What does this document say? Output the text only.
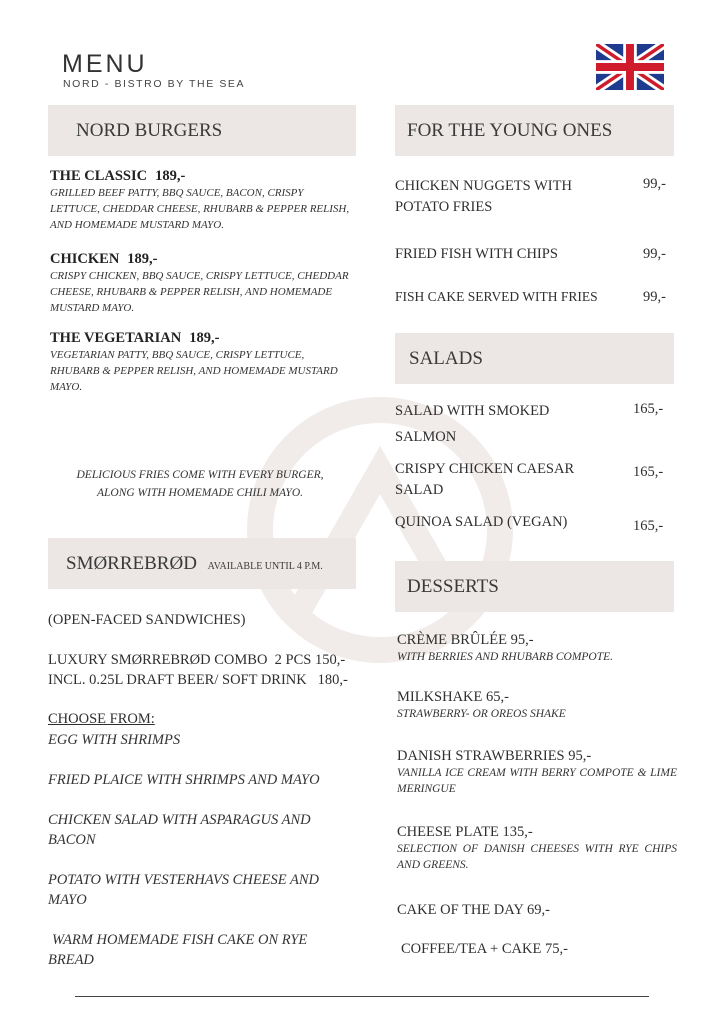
MENU
NORD - BISTRO BY THE SEA
NORD BURGERS
THE CLASSIC 189,-
GRILLED BEEF PATTY, BBQ SAUCE, BACON, CRISPY LETTUCE, CHEDDAR CHEESE, RHUBARB & PEPPER RELISH, AND HOMEMADE MUSTARD MAYO.
CHICKEN 189,-
CRISPY CHICKEN, BBQ SAUCE, CRISPY LETTUCE, CHEDDAR CHEESE, RHUBARB & PEPPER RELISH, AND HOMEMADE MUSTARD MAYO.
THE VEGETARIAN 189,-
VEGETARIAN PATTY, BBQ SAUCE, CRISPY LETTUCE, RHUBARB & PEPPER RELISH, AND HOMEMADE MUSTARD MAYO.
DELICIOUS FRIES COME WITH EVERY BURGER, ALONG WITH HOMEMADE CHILI MAYO.
SMØRREBRØD AVAILABLE UNTIL 4 P.M.
(OPEN-FACED SANDWICHES)
LUXURY SMØRREBRØD COMBO  2 PCS 150,-
INCL. 0.25L DRAFT BEER/ SOFT DRINK   180,-
CHOOSE FROM:
EGG WITH SHRIMPS
FRIED PLAICE WITH SHRIMPS AND MAYO
CHICKEN SALAD WITH ASPARAGUS AND BACON
POTATO WITH VESTERHAVS CHEESE AND MAYO
WARM HOMEMADE FISH CAKE ON RYE BREAD
FOR THE YOUNG ONES
CHICKEN NUGGETS WITH POTATO FRIES
99,-
FRIED FISH WITH CHIPS	99,-
FISH CAKE SERVED WITH FRIES	99,-
SALADS
SALAD WITH SMOKED SALMON
165,-
CRISPY CHICKEN CAESAR SALAD
165,-
QUINOA SALAD (VEGAN)	165,-
DESSERTS
CRÈME BRÛLÉE 95,-
WITH BERRIES AND RHUBARB COMPOTE.
MILKSHAKE 65,-
STRAWBERRY- OR OREOS SHAKE
DANISH STRAWBERRIES 95,-
VANILLA ICE CREAM WITH BERRY COMPOTE & LIME MERINGUE
CHEESE PLATE 135,-
SELECTION OF DANISH CHEESES WITH RYE CHIPS AND GREENS.
CAKE OF THE DAY 69,-
COFFEE/TEA + CAKE 75,-
